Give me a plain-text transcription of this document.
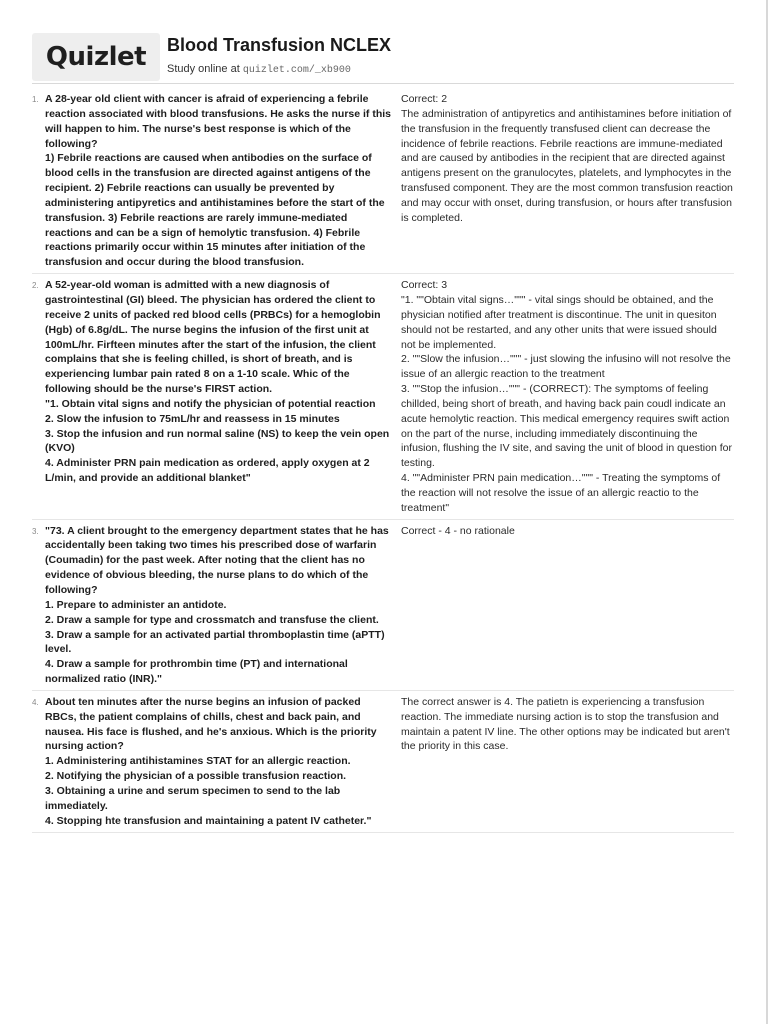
Quizlet	Blood Transfusion NCLEX
Study online at quizlet.com/_xb900
1. A 28-year old client with cancer is afraid of experiencing a febrile reaction associated with blood transfusions. He asks the nurse if this will happen to him. The nurse's best response is which of the following?
1) Febrile reactions are caused when antibodies on the surface of blood cells in the transfusion are directed against antigens of the recipient. 2) Febrile reactions can usually be prevented by administering antipyretics and antihistamines before the start of the transfusion. 3) Febrile reactions are rarely immune-mediated reactions and can be a sign of hemolytic transfusion. 4) Febrile reactions primarily occur within 15 minutes after initiation of the transfusion and occur during the blood transfusion.
Correct: 2
The administration of antipyretics and antihistamines before initiation of the transfusion in the frequently transfused client can decrease the incidence of febrile reactions. Febrile reactions are immune-mediated and are caused by antibodies in the recipient that are directed against antigens present on the granulocytes, platelets, and lymphocytes in the transfused component. They are the most common transfusion reaction and may occur with onset, during transfusion, or hours after transfusion is completed.
2. A 52-year-old woman is admitted with a new diagnosis of gastrointestinal (GI) bleed. The physician has ordered the client to receive 2 units of packed red blood cells (PRBCs) for a hemoglobin (Hgb) of 6.8g/dL. The nurse begins the infusion of the first unit at 100mL/hr. Firfteen minutes after the start of the infusion, the client complains that she is feeling chilled, is short of breath, and is experiencing lumbar pain rated 8 on a 1-10 scale. Whic of the following should be the nurse's FIRST action.
"1. Obtain vital signs and notify the physician of potential reaction
2. Slow the infusion to 75mL/hr and reassess in 15 minutes
3. Stop the infusion and run normal saline (NS) to keep the vein open (KVO)
4. Administer PRN pain medication as ordered, apply oxygen at 2 L/min, and provide an additional blanket"
Correct: 3
"1. ""Obtain vital signs…""" - vital sings should be obtained, and the physician notified after treatment is discontinue. The unit in quesiton should not be restarted, and any other units that were issued should not be implemented.
2. ""Slow the infusion…""" - just slowing the infusino will not resolve the issue of an allergic reaction to the treatment
3. ""Stop the infusion…""" - (CORRECT): The symptoms of feeling chillded, being short of breath, and having back pain coudl indicate an acute hemolytic reaction. This medical emergency requires swift action on the part of the nurse, including immediately discontinuing the infusion, flushing the IV site, and saving the unit of blood in question for testing.
4. ""Administer PRN pain medication…""" - Treating the symptoms of the reaction will not resolve the issue of an allergic reactio to the treatment"
3. "73. A client brought to the emergency department states that he has
accidentally been taking two times his prescribed dose of warfarin
(Coumadin) for the past week. After noting that the client has no evidence of obvious bleeding, the nurse plans to do which of the following?
1. Prepare to administer an antidote.
2. Draw a sample for type and crossmatch and transfuse the client.
3. Draw a sample for an activated partial thromboplastin time (aPTT) level.
4. Draw a sample for prothrombin time (PT) and international normalized ratio (INR)."
Correct - 4 - no rationale
4. About ten minutes after the nurse begins an infusion of packed RBCs, the patient complains of chills, chest and back pain, and nausea. His face is flushed, and he's anxious. Which is the priority nursing action?
1. Administering antihistamines STAT for an allergic reaction.
2. Notifying the physician of a possible transfusion reaction.
3. Obtaining a urine and serum specimen to send to the lab immediately.
4. Stopping hte transfusion and maintaining a patent IV catheter."
The correct answer is 4. The patietn is experiencing a transfusion reaction. The immediate nursing action is to stop the transfusion and maintain a patent IV line. The other options may be indicated but aren't the priority in this case.
